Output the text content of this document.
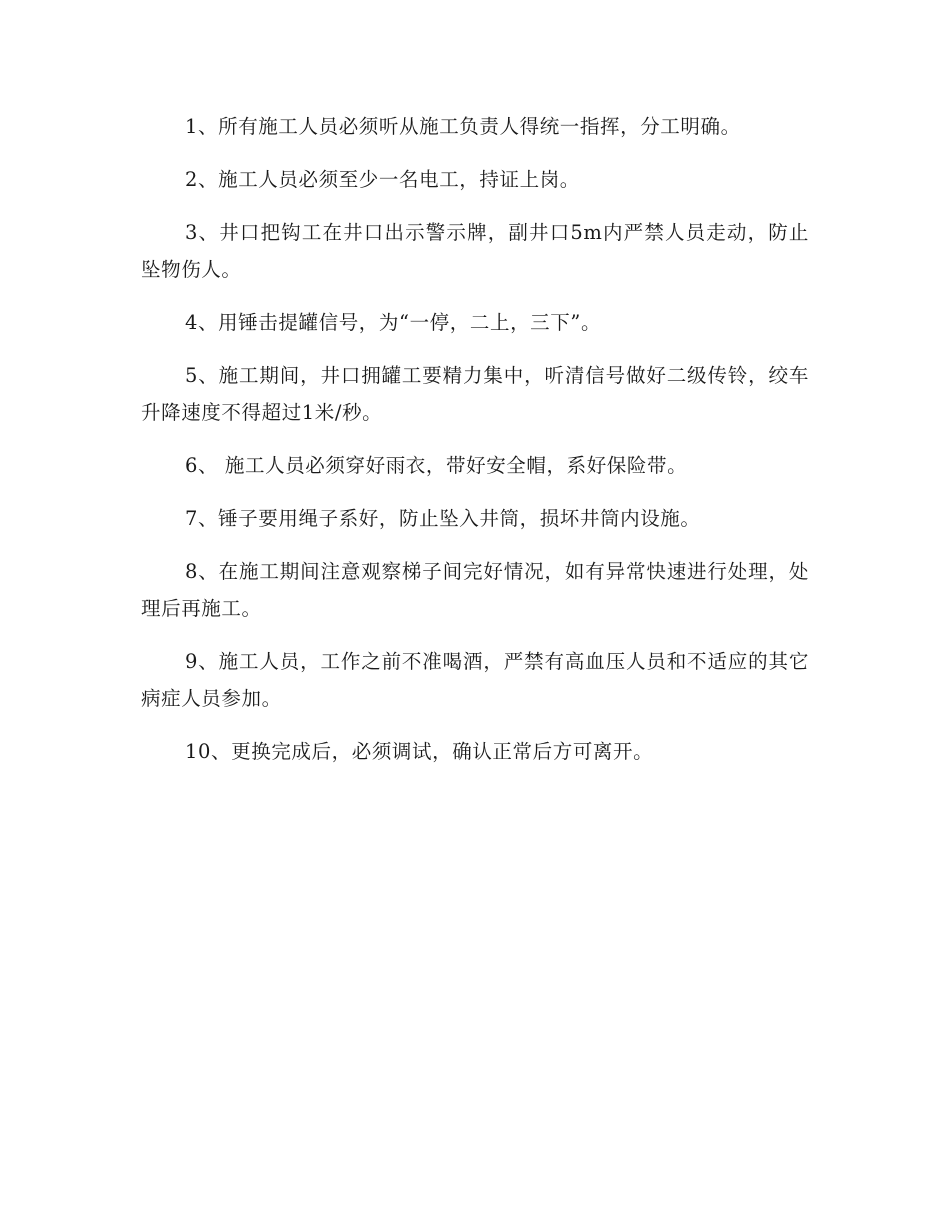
1、所有施工人员必须听从施工负责人得统一指挥，分工明确。

2、施工人员必须至少一名电工，持证上岗。

3、井口把钩工在井口出示警示牌，副井口5m内严禁人员走动，防止坠物伤人。

4、用锤击提罐信号，为“一停，二上，三下”。

5、施工期间，井口拥罐工要精力集中，听清信号做好二级传铃，绞车升降速度不得超过1米/秒。

6、 施工人员必须穿好雨衣，带好安全帽，系好保险带。

7、锤子要用绳子系好，防止坠入井筒，损坏井筒内设施。

8、在施工期间注意观察梯子间完好情况，如有异常快速进行处理，处理后再施工。

9、施工人员，工作之前不准喝酒，严禁有高血压人员和不适应的其它病症人员参加。

10、更换完成后，必须调试，确认正常后方可离开。
